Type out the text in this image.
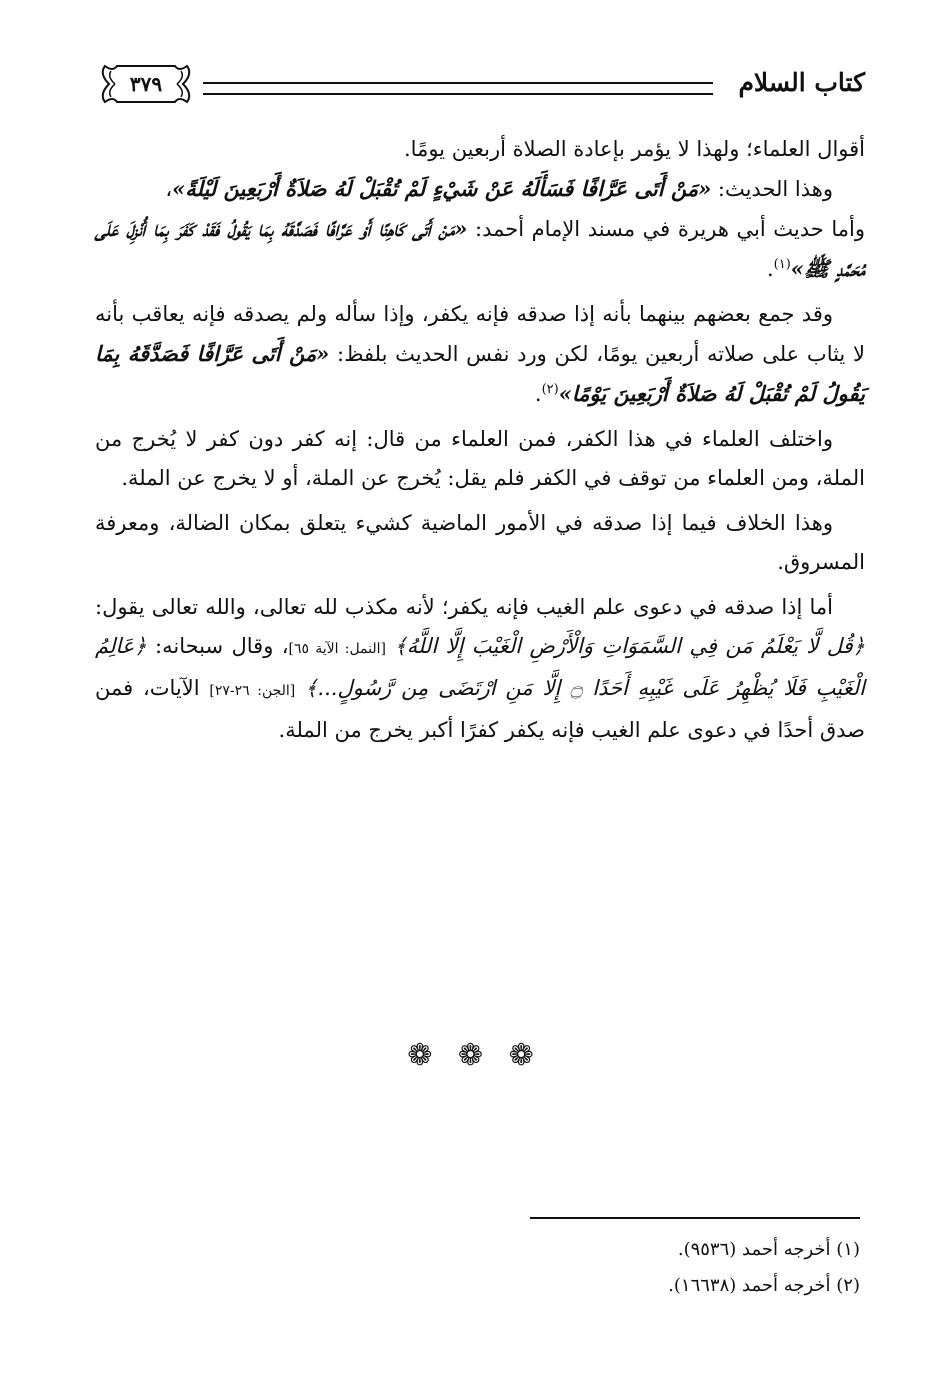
كتاب السلام
٣٧٩

أقوال العلماء؛ ولهذا لا يؤمر بإعادة الصلاة أربعين يومًا.

وهذا الحديث: «مَنْ أَتَى عَرَّافًا فَسَأَلَهُ عَنْ شَيْءٍ لَمْ تُقْبَلْ لَهُ صَلاَةٌ أَرْبَعِينَ لَيْلَةً»،

وأما حديث أبي هريرة في مسند الإمام أحمد: «مَنْ أَتَى كَاهِنًا أَوْ عَرَّافًا فَصَدَّقَهُ بِمَا يَقُولُ فَقَدْ كَفَرَ بِمَا أُنْزِلَ عَلَى مُحَمَّدٍ ﷺ»$^{(١)}$.

وقد جمع بعضهم بينهما بأنه إذا صدقه فإنه يكفر، وإذا سأله ولم يصدقه فإنه يعاقب بأنه لا يثاب على صلاته أربعين يومًا، لكن ورد نفس الحديث بلفظ: «مَنْ أَتَى عَرَّافًا فَصَدَّقَهُ بِمَا يَقُولُ لَمْ تُقْبَلْ لَهُ صَلاَةٌ أَرْبَعِينَ يَوْمًا»$^{(٢)}$.

واختلف العلماء في هذا الكفر، فمن العلماء من قال: إنه كفر دون كفر لا يُخرج من الملة، ومن العلماء من توقف في الكفر فلم يقل: يُخرج عن الملة، أو لا يخرج عن الملة.

وهذا الخلاف فيما إذا صدقه في الأمور الماضية كشيء يتعلق بمكان الضالة، ومعرفة المسروق.

أما إذا صدقه في دعوى علم الغيب فإنه يكفر؛ لأنه مكذب لله تعالى، والله تعالى يقول: ﴿قُل لَّا يَعْلَمُ مَن فِي السَّمَوَاتِ وَالْأَرْضِ الْغَيْبَ إِلَّا اللَّهُ﴾ [النمل: الآية ٦٥]، وقال سبحانه: ﴿عَالِمُ الْغَيْبِ فَلَا يُظْهِرُ عَلَى غَيْبِهِ أَحَدًا ۝ إِلَّا مَنِ ارْتَضَى مِن رَّسُولٍ...﴾ [الجن: ٢٦-٢٧] الآيات، فمن صدق أحدًا في دعوى علم الغيب فإنه يكفر كفرًا أكبر يخرج من الملة.

❁ ❁ ❁

(١) أخرجه أحمد (٩٥٣٦).

(٢) أخرجه أحمد (١٦٦٣٨).
